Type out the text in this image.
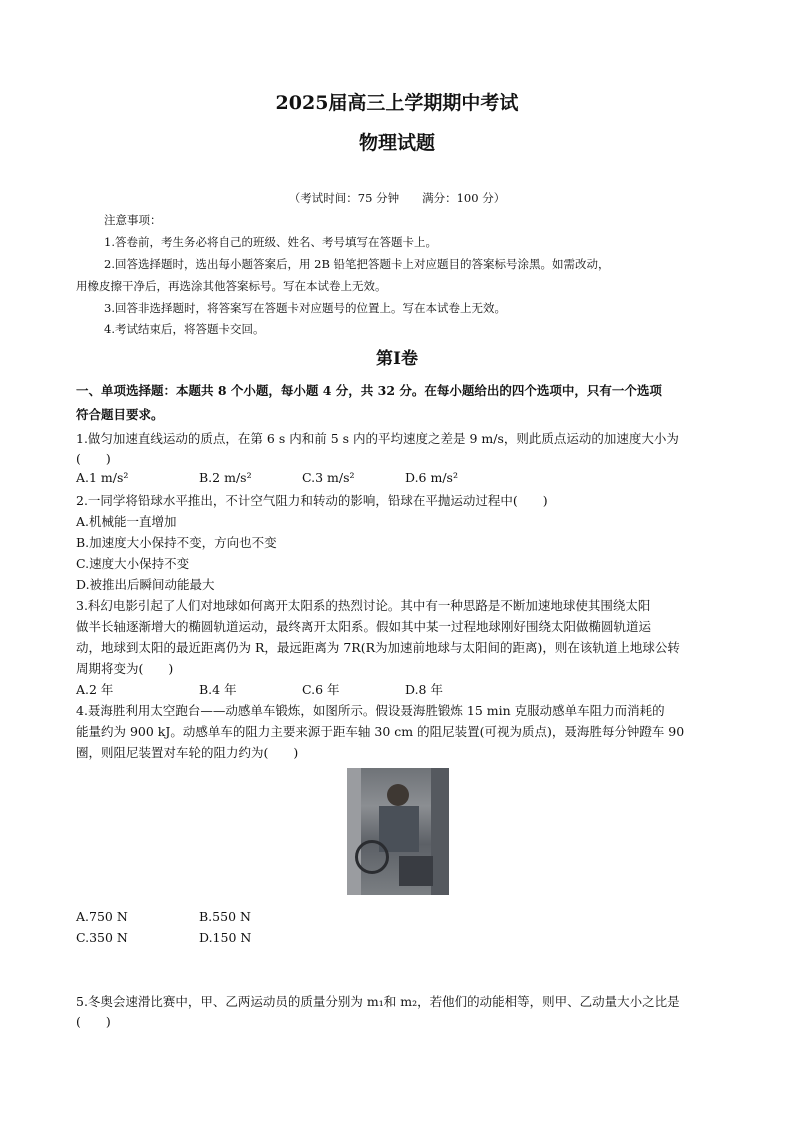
2025届高三上学期期中考试
物理试题
（考试时间：75 分钟　　满分：100 分）
注意事项：
1.答卷前，考生务必将自己的班级、姓名、考号填写在答题卡上。
2.回答选择题时，选出每小题答案后，用 2B 铅笔把答题卡上对应题目的答案标号涂黑。如需改动，
用橡皮擦干净后，再选涂其他答案标号。写在本试卷上无效。
3.回答非选择题时，将答案写在答题卡对应题号的位置上。写在本试卷上无效。
4.考试结束后，将答题卡交回。
第Ⅰ卷
一、单项选择题：本题共 8 个小题，每小题 4 分，共 32 分。在每小题给出的四个选项中，只有一个选项
符合题目要求。
1.做匀加速直线运动的质点，在第 6 s 内和前 5 s 内的平均速度之差是 9 m/s，则此质点运动的加速度大小为
(　　)
A.1 m/s²	B.2 m/s²	C.3 m/s²	D.6 m/s²
2.一同学将铅球水平推出，不计空气阻力和转动的影响，铅球在平抛运动过程中(　　)
A.机械能一直增加
B.加速度大小保持不变，方向也不变
C.速度大小保持不变
D.被推出后瞬间动能最大
3.科幻电影引起了人们对地球如何离开太阳系的热烈讨论。其中有一种思路是不断加速地球使其围绕太阳
做半长轴逐渐增大的椭圆轨道运动，最终离开太阳系。假如其中某一过程地球刚好围绕太阳做椭圆轨道运
动，地球到太阳的最近距离仍为 R，最远距离为 7R(R为加速前地球与太阳间的距离)，则在该轨道上地球公转
周期将变为(　　)
A.2 年	B.4 年	C.6 年	D.8 年
4.聂海胜利用太空跑台——动感单车锻炼，如图所示。假设聂海胜锻炼 15 min 克服动感单车阻力而消耗的
能量约为 900 kJ。动感单车的阻力主要来源于距车轴 30 cm 的阻尼装置(可视为质点)，聂海胜每分钟蹬车 90
圈，则阻尼装置对车轮的阻力约为(　　)
A.750 N	B.550 N
C.350 N	D.150 N
5.冬奥会速滑比赛中，甲、乙两运动员的质量分别为 m₁和 m₂，若他们的动能相等，则甲、乙动量大小之比是
(　　)
